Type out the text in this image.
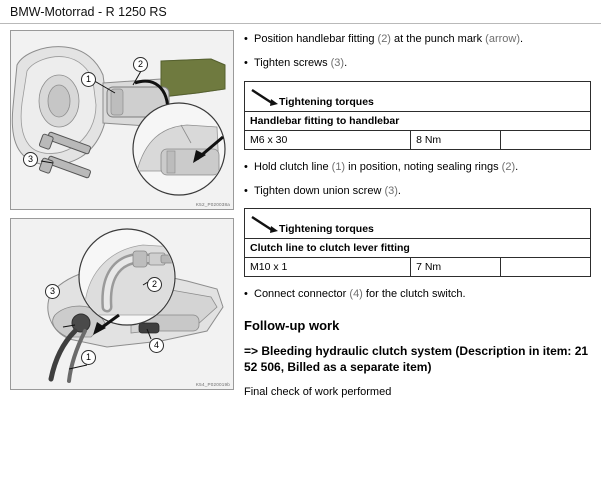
BMW-Motorrad - R 1250 RS
1
2
3
K52_P020038a
3
2
4
1
K54_P020019b
• Position handlebar fitting (2) at the punch mark (arrow).
• Tighten screws (3).
Tightening torques

Handlebar fitting to handlebar
M6 x 30	8 Nm	
• Hold clutch line (1) in position, noting sealing rings (2).
• Tighten down union screw (3).
Tightening torques

Clutch line to clutch lever fitting
M10 x 1	7 Nm	
• Connect connector (4) for the clutch switch.
Follow-up work
=> Bleeding hydraulic clutch system (Description in item: 21 52 506, Billed as a separate item)
Final check of work performed
